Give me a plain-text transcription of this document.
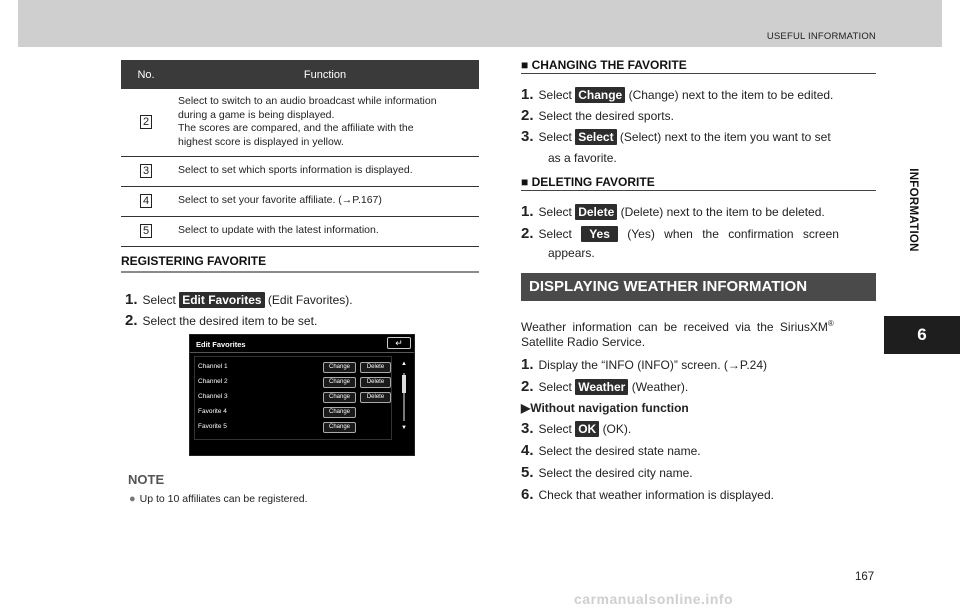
USEFUL INFORMATION
INFORMATION
6
No.	Function
2	Select to switch to an audio broadcast while information
during a game is being displayed.
The scores are compared, and the affiliate with the
highest score is displayed in yellow.

3	Select to set which sports information is displayed.

4	Select to set your favorite affiliate. (→P.167)

5	Select to update with the latest information.
REGISTERING FAVORITE
1. Select Edit Favorites (Edit Favorites).
2. Select the desired item to be set.
Edit Favorites	↵
Channel 1	Change	Delete
Channel 2	Change	Delete
Channel 3	Change	Delete
Favorite 4	Change
Favorite 5	Change
▲
▼
NOTE
● Up to 10 affiliates can be registered.
■ CHANGING THE FAVORITE
1. Select Change (Change) next to the item to be edited.
2. Select the desired sports.
3. Select Select (Select) next to the item you want to set
as a favorite.
■ DELETING FAVORITE
1. Select Delete (Delete) next to the item to be deleted.
2. Select Yes (Yes) when the confirmation screen
appears.
DISPLAYING WEATHER INFORMATION
Weather information can be received via the SiriusXM®
Satellite Radio Service.
1. Display the “INFO (INFO)” screen. (→P.24)
2. Select Weather (Weather).
▶Without navigation function
3. Select OK (OK).
4. Select the desired state name.
5. Select the desired city name.
6. Check that weather information is displayed.
167
carmanualsonline.info
